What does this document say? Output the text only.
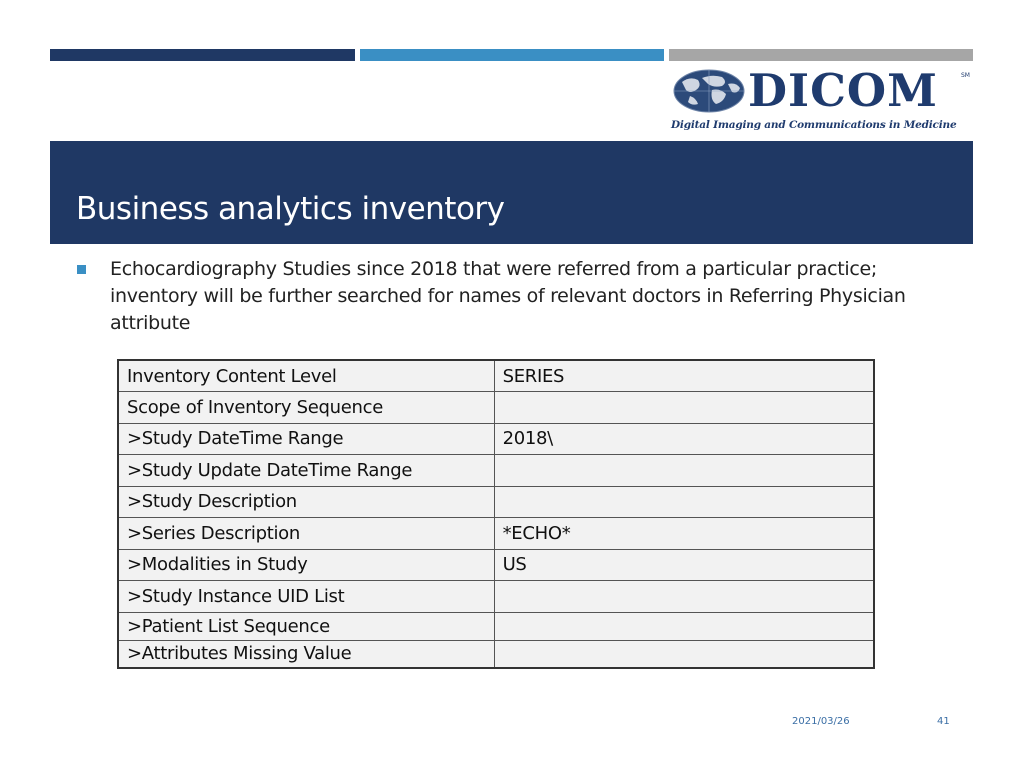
DICOM	SM
Digital Imaging and Communications in Medicine
Business analytics inventory
Echocardiography Studies since 2018 that were referred from a particular practice; inventory will be further searched for names of relevant doctors in Referring Physician attribute
Inventory Content Level	SERIES
Scope of Inventory Sequence	
>Study DateTime Range	2018\
>Study Update DateTime Range	
>Study Description	
>Series Description	*ECHO*
>Modalities in Study	US
>Study Instance UID List	
>Patient List Sequence	
>Attributes Missing Value	
2021/03/26	41
